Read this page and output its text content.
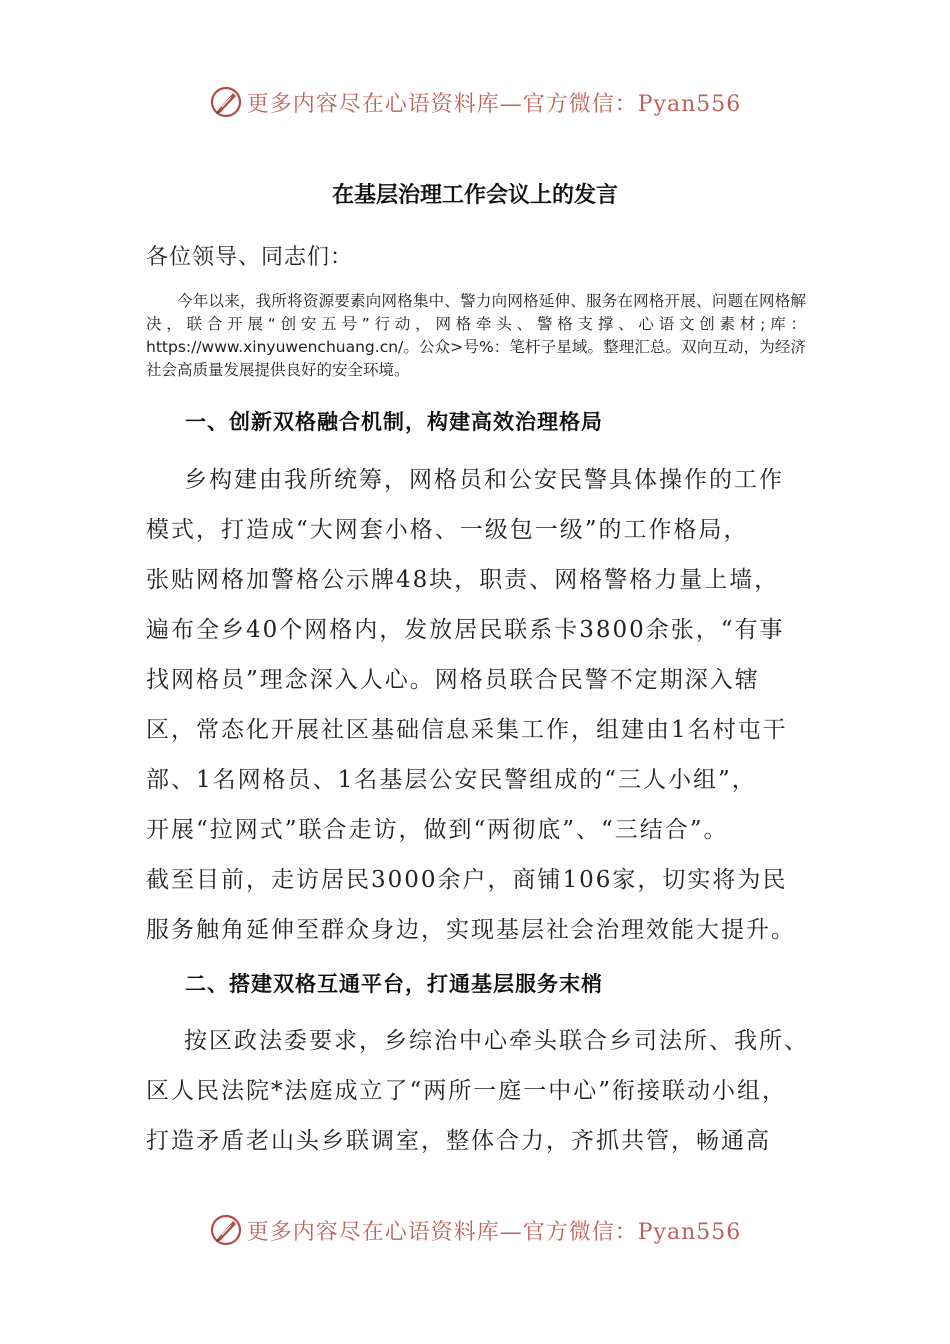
更多内容尽在心语资料库—官方微信：Pyan556
在基层治理工作会议上的发言
各位领导、同志们：
今年以来，我所将资源要素向网格集中、警力向网格延伸、服务在网格开展、问题在网格解决，联合开展“创安五号”行动，网格牵头、警格支撑、心语文创素材;库：https://www.xinyuwenchuang.cn/。公众>号%：笔杆子星域。整理汇总。双向互动，为经济社会高质量发展提供良好的安全环境。
一、创新双格融合机制，构建高效治理格局
乡构建由我所统筹，网格员和公安民警具体操作的工作
模式，打造成“大网套小格、一级包一级”的工作格局，
张贴网格加警格公示牌48块，职责、网格警格力量上墙，
遍布全乡40个网格内，发放居民联系卡3800余张，“有事
找网格员”理念深入人心。网格员联合民警不定期深入辖
区，常态化开展社区基础信息采集工作，组建由1名村屯干
部、1名网格员、1名基层公安民警组成的“三人小组”，
开展“拉网式”联合走访，做到“两彻底”、“三结合”。
截至目前，走访居民3000余户，商铺106家，切实将为民
服务触角延伸至群众身边，实现基层社会治理效能大提升。
二、搭建双格互通平台，打通基层服务末梢
按区政法委要求，乡综治中心牵头联合乡司法所、我所、
区人民法院*法庭成立了“两所一庭一中心”衔接联动小组，
打造矛盾老山头乡联调室，整体合力，齐抓共管，畅通高
更多内容尽在心语资料库—官方微信：Pyan556
